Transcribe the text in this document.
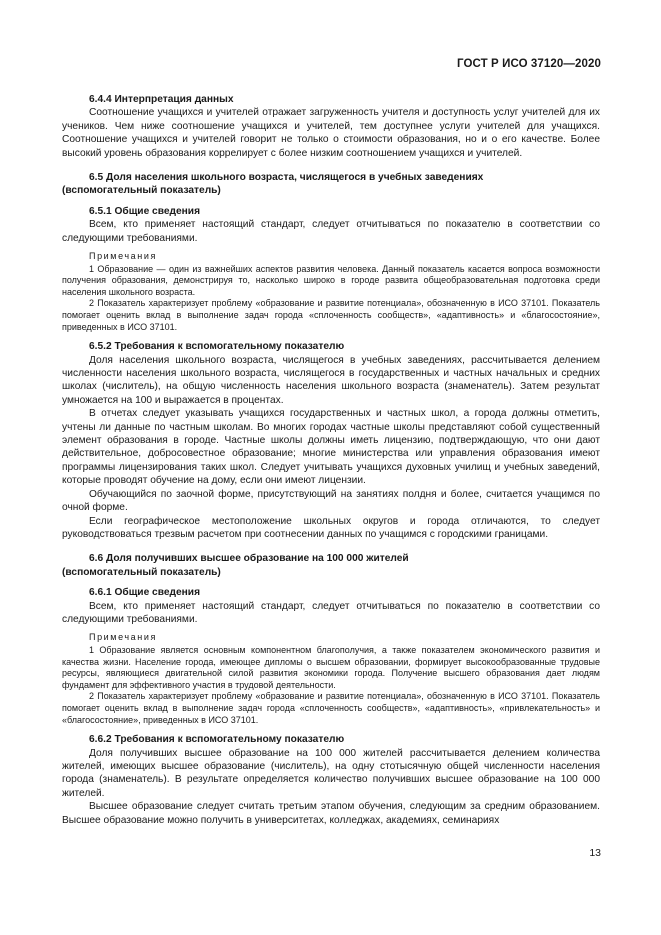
ГОСТ Р ИСО 37120—2020

6.4.4 Интерпретация данных

Соотношение учащихся и учителей отражает загруженность учителя и доступность услуг учителей для их учеников. Чем ниже соотношение учащихся и учителей, тем доступнее услуги учителей для учащихся. Соотношение учащихся и учителей говорит не только о стоимости образования, но и о его качестве. Более высокий уровень образования коррелирует с более низким соотношением учащихся и учителей.

6.5 Доля населения школьного возраста, числящегося в учебных заведениях
(вспомогательный показатель)

6.5.1 Общие сведения

Всем, кто применяет настоящий стандарт, следует отчитываться по показателю в соответствии со следующими требованиями.

Примечания

1 Образование — один из важнейших аспектов развития человека. Данный показатель касается вопроса возможности получения образования, демонстрируя то, насколько широко в городе развита общеобразовательная подготовка среди населения школьного возраста.

2 Показатель характеризует проблему «образование и развитие потенциала», обозначенную в ИСО 37101. Показатель помогает оценить вклад в выполнение задач города «сплоченность сообществ», «адаптивность» и «благосостояние», приведенных в ИСО 37101.

6.5.2 Требования к вспомогательному показателю

Доля населения школьного возраста, числящегося в учебных заведениях, рассчитывается делением численности населения школьного возраста, числящегося в государственных и частных начальных и средних школах (числитель), на общую численность населения школьного возраста (знаменатель). Затем результат умножается на 100 и выражается в процентах.

В отчетах следует указывать учащихся государственных и частных школ, а города должны отметить, учтены ли данные по частным школам. Во многих городах частные школы представляют собой существенный элемент образования в городе. Частные школы должны иметь лицензию, подтверждающую, что они дают действительное, добросовестное образование; многие министерства или управления образования имеют программы лицензирования таких школ. Следует учитывать учащихся духовных училищ и учебных заведений, которые проводят обучение на дому, если они имеют лицензии.

Обучающийся по заочной форме, присутствующий на занятиях полдня и более, считается учащимся по очной форме.

Если географическое местоположение школьных округов и города отличаются, то следует руководствоваться трезвым расчетом при соотнесении данных по учащимся с городскими границами.

6.6 Доля получивших высшее образование на 100 000 жителей
(вспомогательный показатель)

6.6.1 Общие сведения

Всем, кто применяет настоящий стандарт, следует отчитываться по показателю в соответствии со следующими требованиями.

Примечания

1 Образование является основным компонентном благополучия, а также показателем экономического развития и качества жизни. Население города, имеющее дипломы о высшем образовании, формирует высокообразованные трудовые ресурсы, являющиеся двигательной силой развития экономики города. Получение высшего образования дает людям фундамент для эффективного участия в трудовой деятельности.

2 Показатель характеризует проблему «образование и развитие потенциала», обозначенную в ИСО 37101. Показатель помогает оценить вклад в выполнение задач города «сплоченность сообществ», «адаптивность», «привлекательность» и «благосостояние», приведенных в ИСО 37101.

6.6.2 Требования к вспомогательному показателю

Доля получивших высшее образование на 100 000 жителей рассчитывается делением количества жителей, имеющих высшее образование (числитель), на одну стотысячную общей численности населения города (знаменатель). В результате определяется количество получивших высшее образование на 100 000 жителей.

Высшее образование следует считать третьим этапом обучения, следующим за средним образованием. Высшее образование можно получить в университетах, колледжах, академиях, семинариях

13
